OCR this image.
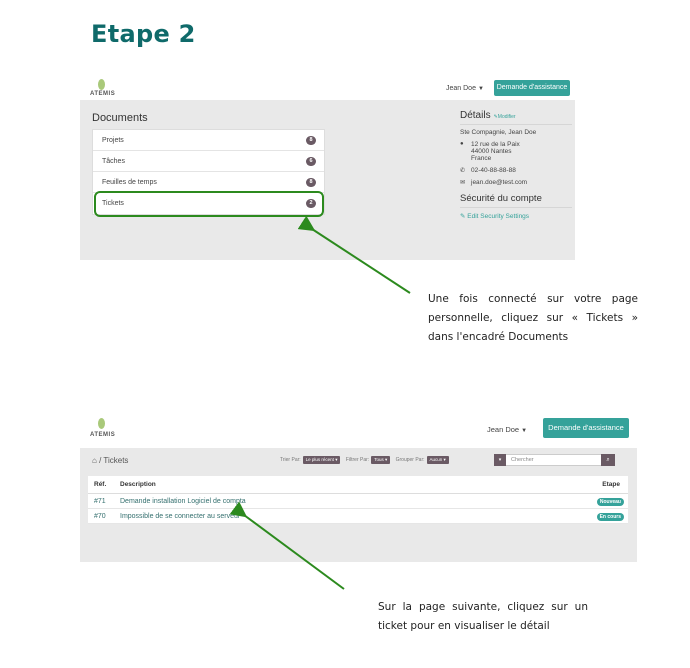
Etape 2
ATEMIS
Jean Doe ▼	Demande d'assistance
Documents
Projets	8
Tâches	6
Feuilles de temps	8
Tickets	2
Détails ✎Modifier
Ste Compagnie, Jean Doe
●	12 rue de la Paix
44000 Nantes
France
✆ 02-40-88-88-88
✉ jean.doe@test.com
Sécurité du compte
✎ Edit Security Settings
Une fois connecté sur votre page personnelle, cliquez sur « Tickets » dans l'encadré Documents
ATEMIS
Jean Doe ▼	Demande d'assistance
⌂ / Tickets	Trier Par: Le plus récent ▾ Filtrer Par: Tous ▾ Grouper Par: Aucun ▾	▾	Chercher	⌕
Réf. Description	Etape
#71 Demande installation Logiciel de compta	Nouveau
#70 Impossible de se connecter au serveur	En cours
Sur la page suivante, cliquez sur un ticket pour en visualiser le détail
